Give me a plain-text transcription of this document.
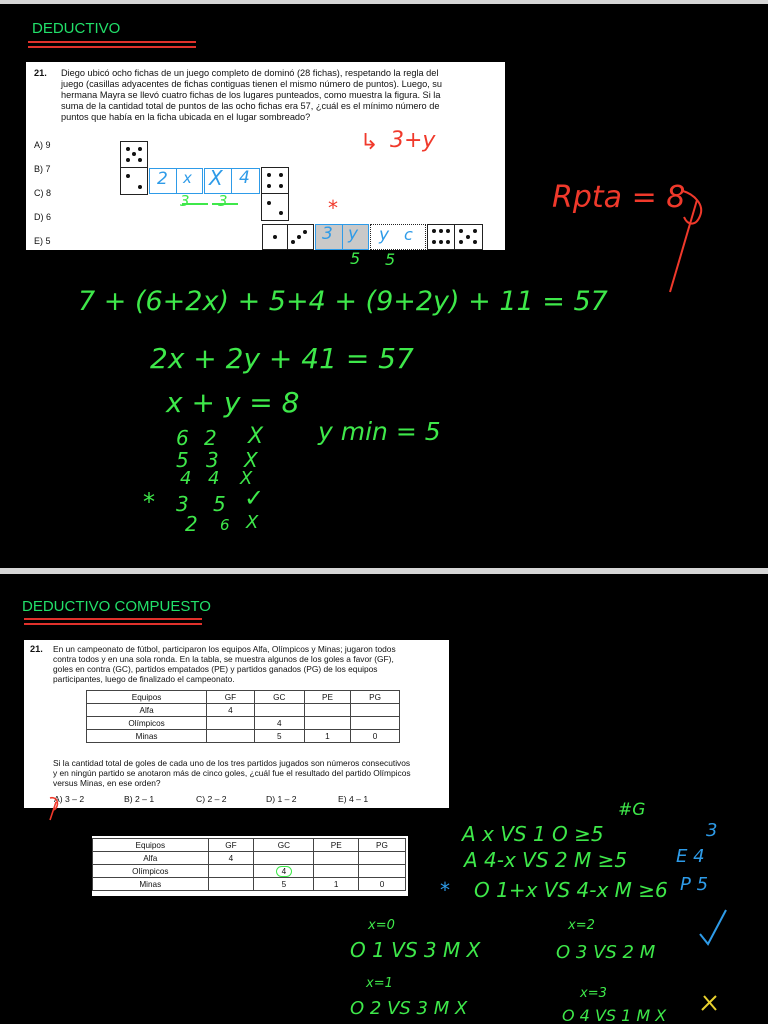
DEDUCTIVO
21. Diego ubicó ocho fichas de un juego completo de dominó (28 fichas), respetando la regla del
juego (casillas adyacentes de fichas contiguas tienen el mismo número de puntos). Luego, su
hermana Mayra se llevó cuatro fichas de los lugares punteados, como muestra la figura. Si la
suma de la cantidad total de puntos de las ocho fichas era 57, ¿cuál es el mínimo número de
puntos que había en la ficha ubicada en el lugar sombreado?
A) 9
B) 7
C) 8
D) 6
E) 5
2 x X 4
3 y y c
3 3	*
↳ 3+y
5 5
Rpta = 8
7 + (6+2x) + 5+4 + (9+2y) + 11 = 57
2x + 2y + 41 = 57
x + y = 8
y min = 5
6 2 X
5 3 X
4 4 X
* 3 5 ✓
2 6 X
DEDUCTIVO COMPUESTO
21. En un campeonato de fútbol, participaron los equipos Alfa, Olímpicos y Minas; jugaron todos
contra todos y en una sola ronda. En la tabla, se muestra algunos de los goles a favor (GF),
goles en contra (GC), partidos empatados (PE) y partidos ganados (PG) de los equipos
participantes, luego de finalizado el campeonato.
Equipos	GF	GC	PE	PG
Alfa	4			
Olímpicos		4		
Minas		5	1	0
Si la cantidad total de goles de cada uno de los tres partidos jugados son números consecutivos
y en ningún partido se anotaron más de cinco goles, ¿cuál fue el resultado del partido Olímpicos
versus Minas, en ese orden?
A) 3 – 2	B) 2 – 1	C) 2 – 2	D) 1 – 2	E) 4 – 1
Equipos	GF	GC	PE	PG
Alfa	4			
Olímpicos		4		
Minas		5	1	0
#G
A x VS 1 O ≥5
A 4-x VS 2 M ≥5
* O 1+x VS 4-x M ≥6
3
E 4
P 5
x=0
O 1 VS 3 M X
x=2
O 3 VS 2 M
x=1
O 2 VS 3 M X
x=3
O 4 VS 1 M X
